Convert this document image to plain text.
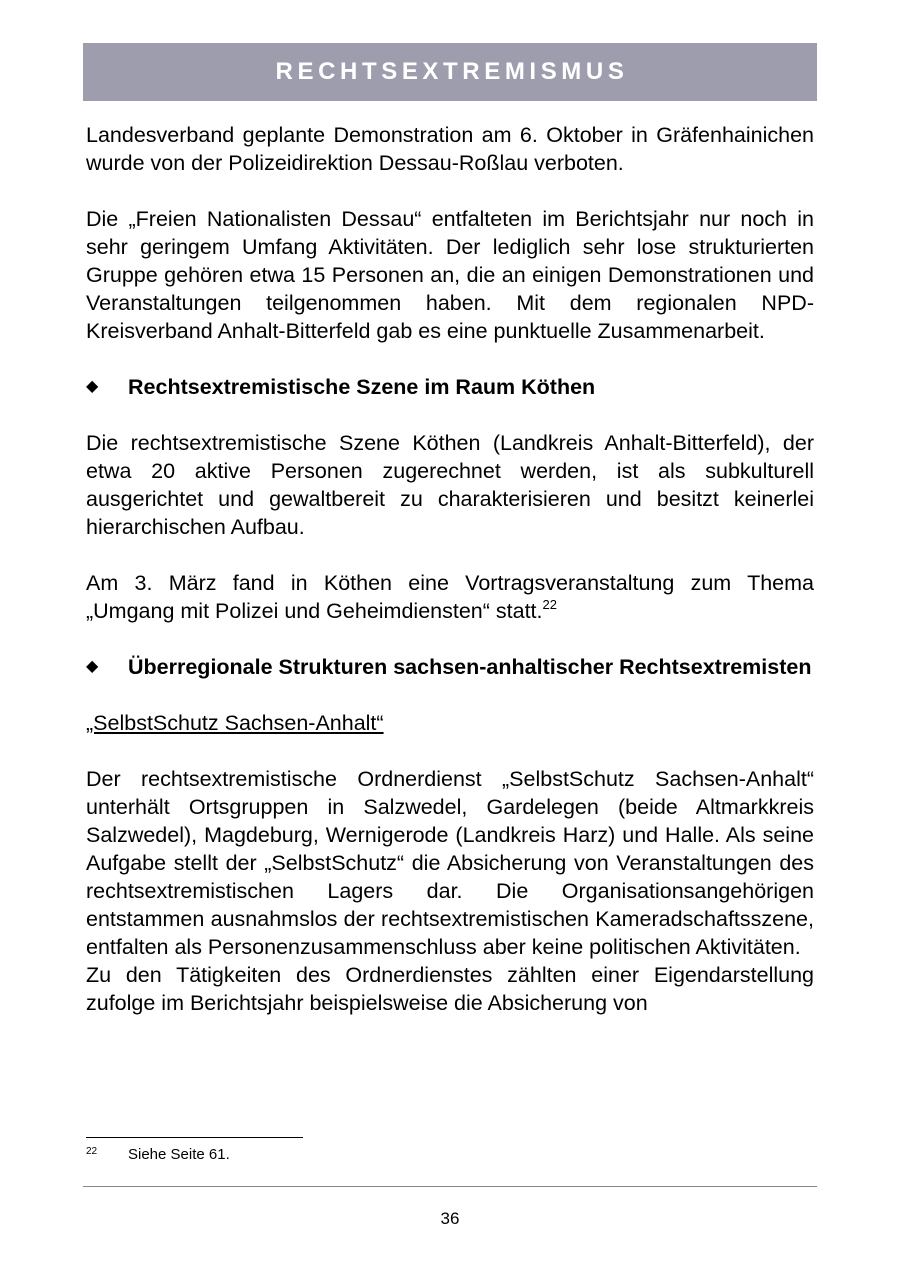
RECHTSEXTREMISMUS

Landesverband geplante Demonstration am 6. Oktober in Gräfenhainichen wurde von der Polizeidirektion Dessau-Roßlau verboten.

Die „Freien Nationalisten Dessau“ entfalteten im Berichtsjahr nur noch in sehr geringem Umfang Aktivitäten. Der lediglich sehr lose strukturierten Gruppe gehören etwa 15 Personen an, die an einigen Demonstrationen und Veranstaltungen teilgenommen haben. Mit dem regionalen NPD-Kreisverband Anhalt-Bitterfeld gab es eine punktuelle Zusammenarbeit.

◆	Rechtsextremistische Szene im Raum Köthen

Die rechtsextremistische Szene Köthen (Landkreis Anhalt-Bitterfeld), der etwa 20 aktive Personen zugerechnet werden, ist als subkulturell ausgerichtet und gewaltbereit zu charakterisieren und besitzt keinerlei hierarchischen Aufbau.

Am 3. März fand in Köthen eine Vortragsveranstaltung zum Thema „Umgang mit Polizei und Geheimdiensten“ statt.$^{22}$

◆	Überregionale Strukturen sachsen-anhaltischer Rechtsextremisten

„SelbstSchutz Sachsen-Anhalt“

Der rechtsextremistische Ordnerdienst „SelbstSchutz Sachsen-Anhalt“ unterhält Ortsgruppen in Salzwedel, Gardelegen (beide Altmarkkreis Salzwedel), Magdeburg, Wernigerode (Landkreis Harz) und Halle. Als seine Aufgabe stellt der „SelbstSchutz“ die Absicherung von Veranstaltungen des rechtsextremistischen Lagers dar. Die Organisationsangehörigen entstammen ausnahmslos der rechtsextremistischen Kameradschaftsszene, entfalten als Personenzusammenschluss aber keine politischen Aktivitäten.

Zu den Tätigkeiten des Ordnerdienstes zählten einer Eigendarstellung zufolge im Berichtsjahr beispielsweise die Absicherung von

22	Siehe Seite 61.
36
